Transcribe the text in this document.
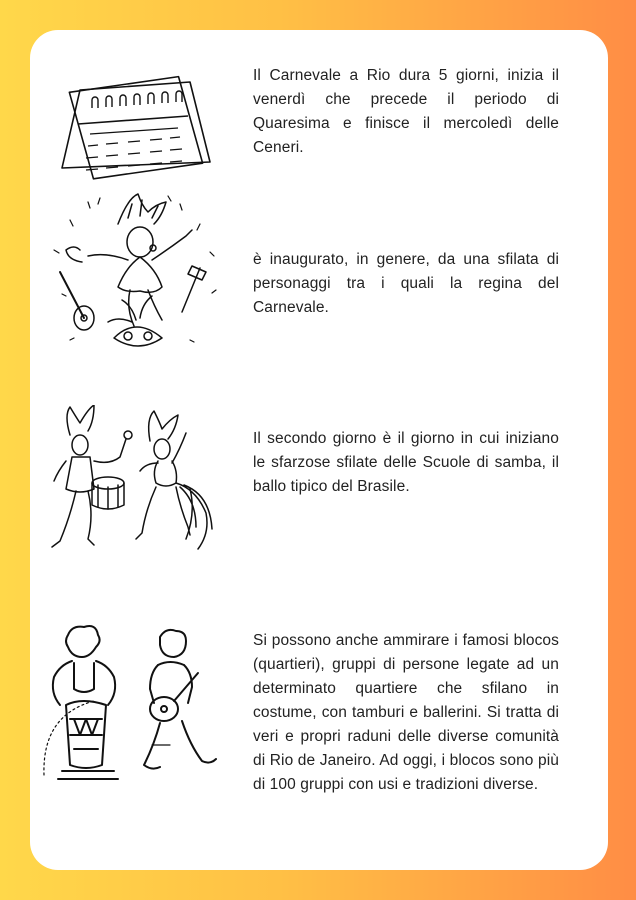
Il Carnevale a Rio dura 5 giorni, inizia il venerdì che precede il periodo di Quaresima e finisce il mercoledì delle Ceneri.
è inaugurato, in genere, da una sfilata di personaggi tra i quali la regina del Carnevale.
Il secondo giorno è il giorno in cui iniziano le sfarzose sfilate delle Scuole di samba, il ballo tipico del Brasile.
Si possono anche ammirare i famosi blocos (quartieri), gruppi di persone legate ad un determinato quartiere che sfilano in costume, con tamburi e ballerini. Si tratta di veri e propri raduni delle diverse comunità di Rio de Janeiro. Ad oggi, i blocos sono più di 100 gruppi con usi e tradizioni diverse.
